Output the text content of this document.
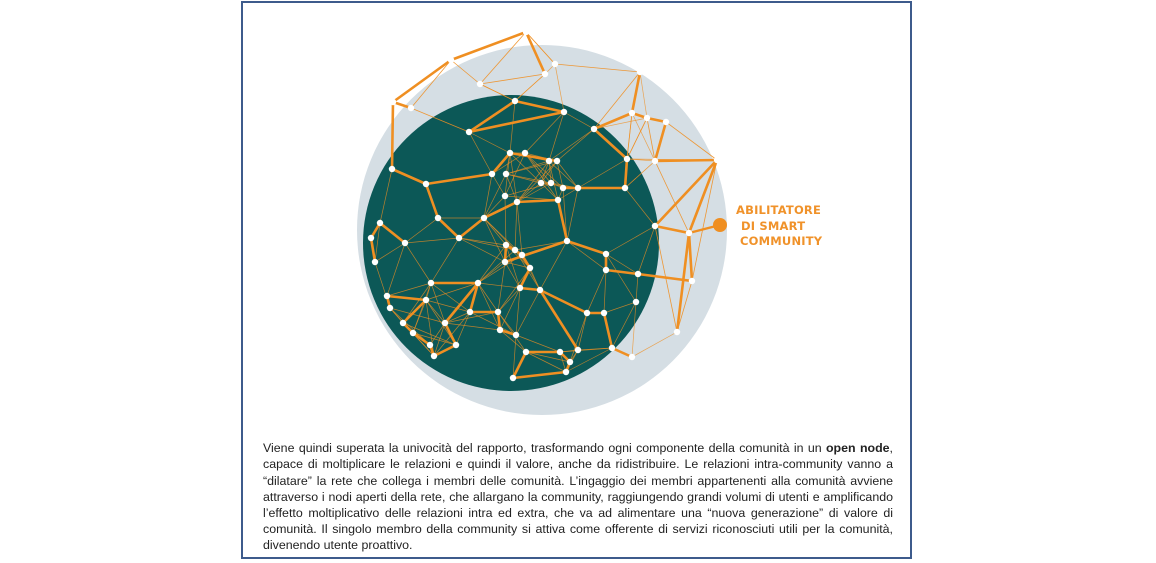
ABILITATORE
DI SMART
COMMUNITY

Viene quindi superata la univocità del rapporto, trasformando ogni componente della comunità in un open node, capace di moltiplicare le relazioni e quindi il valore, anche da ridistribuire. Le relazioni intra-community vanno a “dilatare” la rete che collega i membri delle comunità. L’ingaggio dei membri appartenenti alla comunità avviene attraverso i nodi aperti della rete, che allargano la community, raggiungendo grandi volumi di utenti e amplificando l’effetto moltiplicativo delle relazioni intra ed extra, che va ad alimentare una “nuova generazione” di valore di comunità. Il singolo membro della community si attiva come offerente di servizi riconosciuti utili per la comunità, divenendo utente proattivo.
